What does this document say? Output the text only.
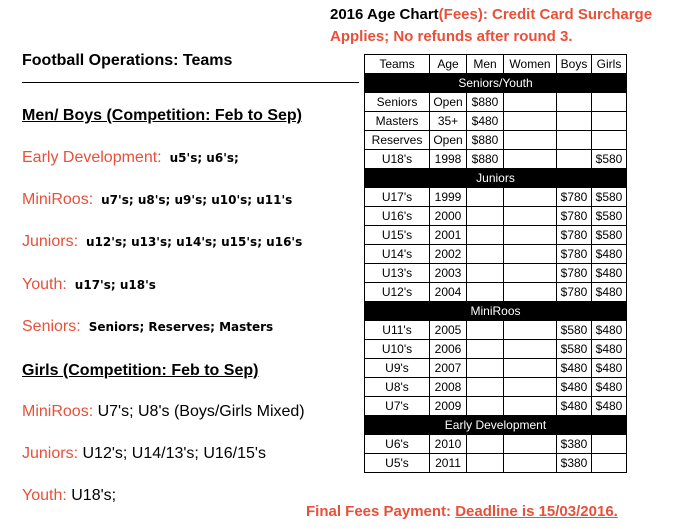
2016 Age Chart(Fees): Credit Card Surcharge
Applies; No refunds after round 3.
Football Operations: Teams
Men/ Boys (Competition: Feb to Sep)
Early Development: u5's; u6's;
MiniRoos: u7's; u8's; u9's; u10's; u11's
Juniors: u12's; u13's; u14's; u15's; u16's
Youth: u17's; u18's
Seniors: Seniors; Reserves; Masters
Girls (Competition: Feb to Sep)
MiniRoos: U7's; U8's (Boys/Girls Mixed)
Juniors: U12's; U14/13's; U16/15's
Youth: U18's;
Teams	Age	Men	Women	Boys	Girls
Seniors/Youth					
Seniors	Open	$880			
Masters	35+	$480			
Reserves	Open	$880			
U18's	1998	$880			$580
Juniors					
U17's	1999			$780	$580
U16's	2000			$780	$580
U15's	2001			$780	$580
U14's	2002			$780	$480
U13's	2003			$780	$480
U12's	2004			$780	$480
MiniRoos					
U11's	2005			$580	$480
U10's	2006			$580	$480
U9's	2007			$480	$480
U8's	2008			$480	$480
U7's	2009			$480	$480
Early Development					
U6's	2010			$380	
U5's	2011			$380	
Final Fees Payment: Deadline is 15/03/2016.
